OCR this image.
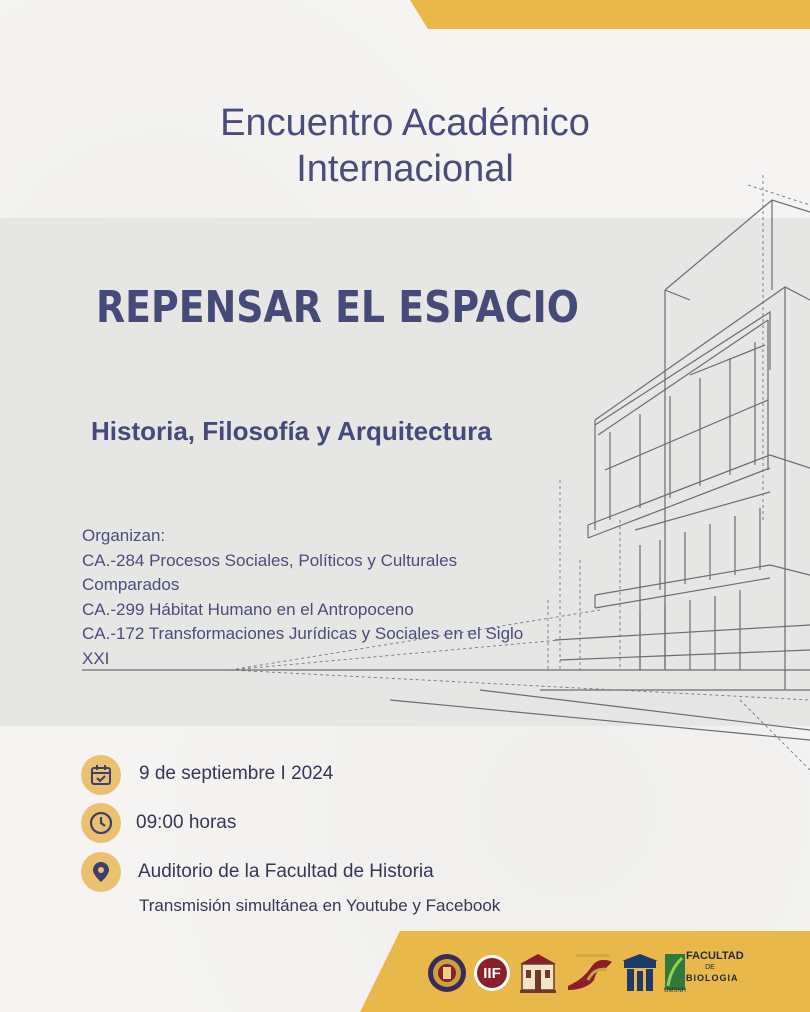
Encuentro Académico
Internacional
REPENSAR EL ESPACIO
Historia, Filosofía y Arquitectura
Organizan:
CA.-284 Procesos Sociales, Políticos y Culturales
Comparados
CA.-299 Hábitat Humano en el Antropoceno
CA.-172 Transformaciones Jurídicas y Sociales en el Siglo
XXI
9 de septiembre I 2024
09:00 horas
Auditorio de la Facultad de Historia
Transmisión simultánea en Youtube y Facebook
IIF
FACULTAD
DE
BIOLOGIA
UMSNH
